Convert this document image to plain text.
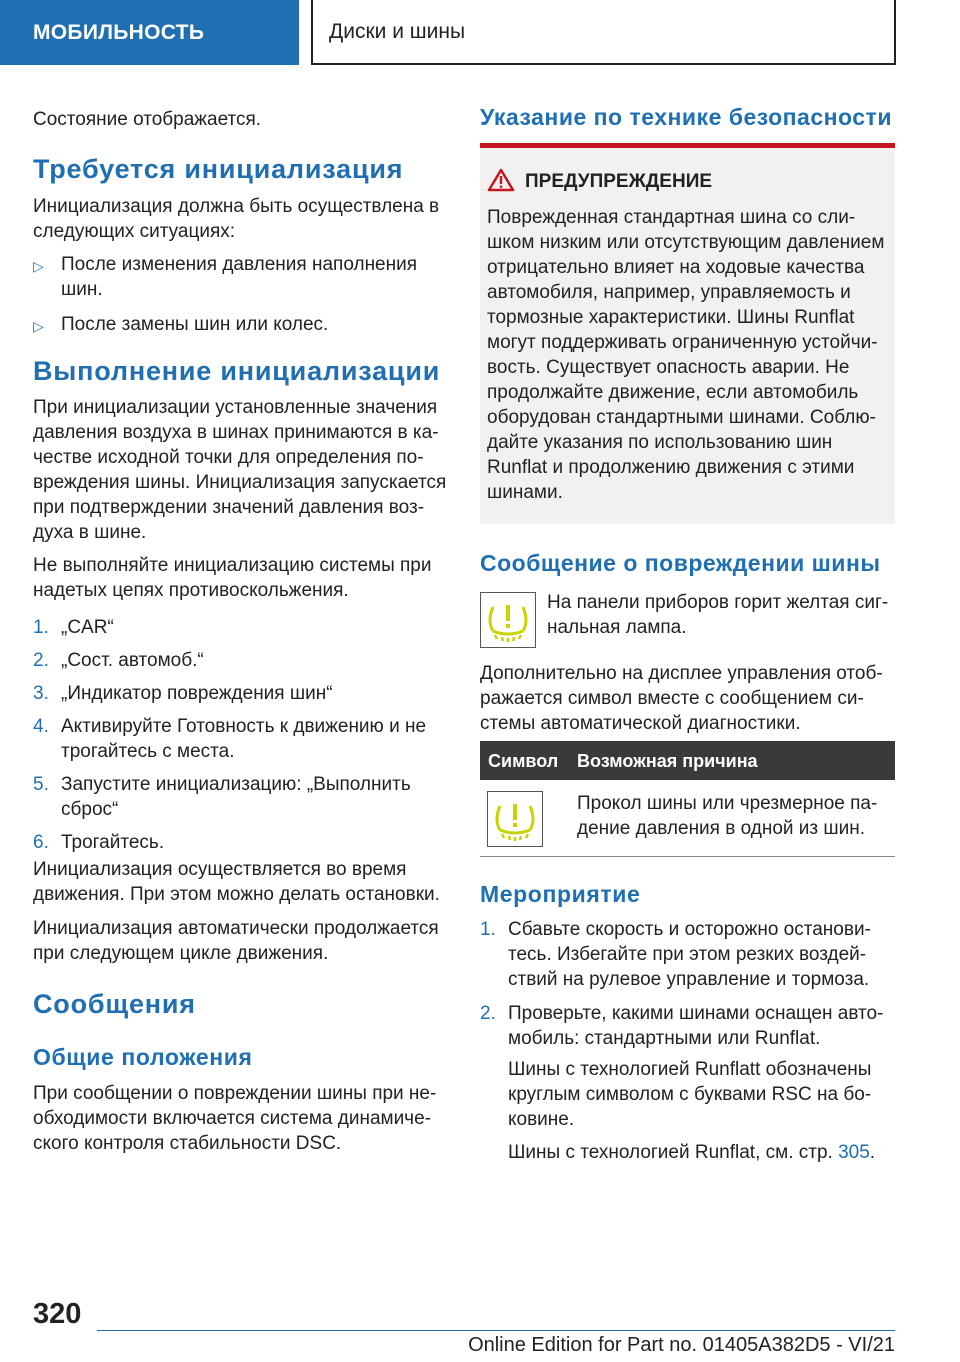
МОБИЛЬНОСТЬ	Диски и шины

Состояние отображается.

Требуется инициализация

Инициализация должна быть осуществлена в
следующих ситуациях:
▷ После изменения давления наполнения
шин.
▷ После замены шин или колес.

Выполнение инициализации

При инициализации установленные значения
давления воздуха в шинах принимаются в ка-
честве исходной точки для определения по-
вреждения шины. Инициализация запускается
при подтверждении значений давления воз-
духа в шине.
Не выполняйте инициализацию системы при
надетых цепях противоскольжения.
1. „CAR“
2. „Сост. автомоб.“
3. „Индикатор повреждения шин“
4. Активируйте Готовность к движению и не
трогайтесь с места.
5. Запустите инициализацию: „Выполнить
сброс“
6. Трогайтесь.
Инициализация осуществляется во время
движения. При этом можно делать остановки.
Инициализация автоматически продолжается
при следующем цикле движения.

Сообщения

Общие положения

При сообщении о повреждении шины при не-
обходимости включается система динамиче-
ского контроля стабильности DSC.

Указание по технике безопасности

ПРЕДУПРЕЖДЕНИЕ

Поврежденная стандартная шина со сли-
шком низким или отсутствующим давлением
отрицательно влияет на ходовые качества
автомобиля, например, управляемость и
тормозные характеристики. Шины Runflat
могут поддерживать ограниченную устойчи-
вость. Существует опасность аварии. Не
продолжайте движение, если автомобиль
оборудован стандартными шинами. Соблю-
дайте указания по использованию шин
Runflat и продолжению движения с этими
шинами.

Сообщение о повреждении шины

На панели приборов горит желтая сиг-
нальная лампа.
Дополнительно на дисплее управления отоб-
ражается символ вместе с сообщением си-
стемы автоматической диагностики.
Символ Возможная причина
Прокол шины или чрезмерное па-
дение давления в одной из шин.

Мероприятие

1. Сбавьте скорость и осторожно останови-
тесь. Избегайте при этом резких воздей-
ствий на рулевое управление и тормоза.
2. Проверьте, какими шинами оснащен авто-
мобиль: стандартными или Runflat.
Шины с технологией Runflatt обозначены
круглым символом с буквами RSC на бо-
ковине.
Шины с технологией Runflat, см. стр. 305.

320

Online Edition for Part no. 01405A382D5 - VI/21
